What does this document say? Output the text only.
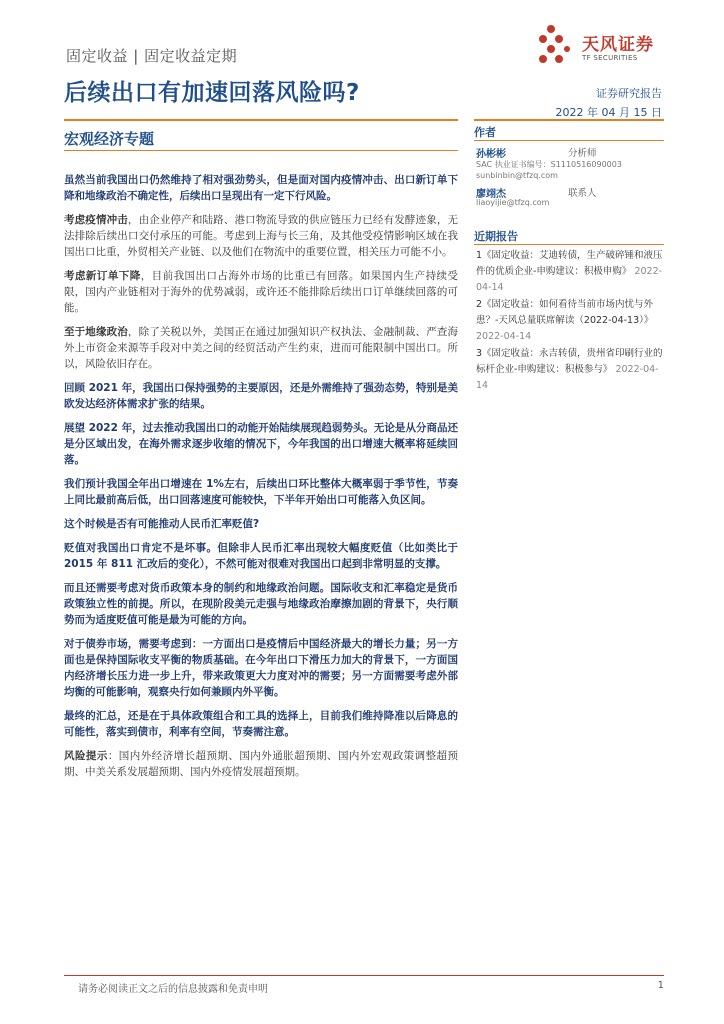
固定收益 | 固定收益定期
后续出口有加速回落风险吗?
天风证券
TF SECURITIES
证券研究报告
2022 年 04 月 15 日
宏观经济专题	作者
孙彬彬	分析师
SAC 执业证书编号：S1110516090003
sunbinbin@tfzq.com
廖翊杰	联系人
liaoyijie@tfzq.com
近期报告
1《固定收益：艾迪转债，生产破碎锤和液压件的优质企业-申购建议：积极申购》 2022-04-14
2《固定收益：如何看待当前市场内忧与外患？-天风总量联席解读（2022-04-13）》 2022-04-14
3《固定收益：永吉转债，贵州省印刷行业的标杆企业-申购建议：积极参与》 2022-04-14

虽然当前我国出口仍然维持了相对强劲势头，但是面对国内疫情冲击、出口新订单下降和地缘政治不确定性，后续出口呈现出有一定下行风险。

考虑疫情冲击，由企业停产和陆路、港口物流导致的供应链压力已经有发酵迹象，无法排除后续出口交付承压的可能。考虑到上海与长三角，及其他受疫情影响区域在我国出口比重，外贸相关产业链、以及他们在物流中的重要位置，相关压力可能不小。

考虑新订单下降，目前我国出口占海外市场的比重已有回落。如果国内生产持续受限，国内产业链相对于海外的优势减弱，或许还不能排除后续出口订单继续回落的可能。

至于地缘政治，除了关税以外，美国正在通过加强知识产权执法、金融制裁、严查海外上市资金来源等手段对中美之间的经贸活动产生约束，进而可能限制中国出口。所以，风险依旧存在。

回顾 2021 年，我国出口保持强势的主要原因，还是外需维持了强劲态势，特别是美欧发达经济体需求扩张的结果。

展望 2022 年，过去推动我国出口的动能开始陆续展现趋弱势头。无论是从分商品还是分区域出发，在海外需求逐步收缩的情况下，今年我国的出口增速大概率将延续回落。

我们预计我国全年出口增速在 1%左右，后续出口环比整体大概率弱于季节性，节奏上同比最前高后低，出口回落速度可能较快，下半年开始出口可能落入负区间。

这个时候是否有可能推动人民币汇率贬值?

贬值对我国出口肯定不是坏事。但除非人民币汇率出现较大幅度贬值（比如类比于 2015 年 811 汇改后的变化），不然可能对很难对我国出口起到非常明显的支撑。

而且还需要考虑对货币政策本身的制约和地缘政治问题。国际收支和汇率稳定是货币政策独立性的前提。所以，在现阶段美元走强与地缘政治摩擦加剧的背景下，央行顺势而为适度贬值可能是最为可能的方向。

对于债券市场，需要考虑到：一方面出口是疫情后中国经济最大的增长力量；另一方面也是保持国际收支平衡的物质基础。在今年出口下滑压力加大的背景下，一方面国内经济增长压力进一步上升，带来政策更大力度对冲的需要；另一方面需要考虑外部均衡的可能影响，观察央行如何兼顾内外平衡。

最终的汇总，还是在于具体政策组合和工具的选择上，目前我们维持降准以后降息的可能性，落实到债市，利率有空间，节奏需注意。

风险提示：国内外经济增长超预期、国内外通胀超预期、国内外宏观政策调整超预期、中美关系发展超预期、国内外疫情发展超预期。

请务必阅读正文之后的信息披露和免责申明	1
